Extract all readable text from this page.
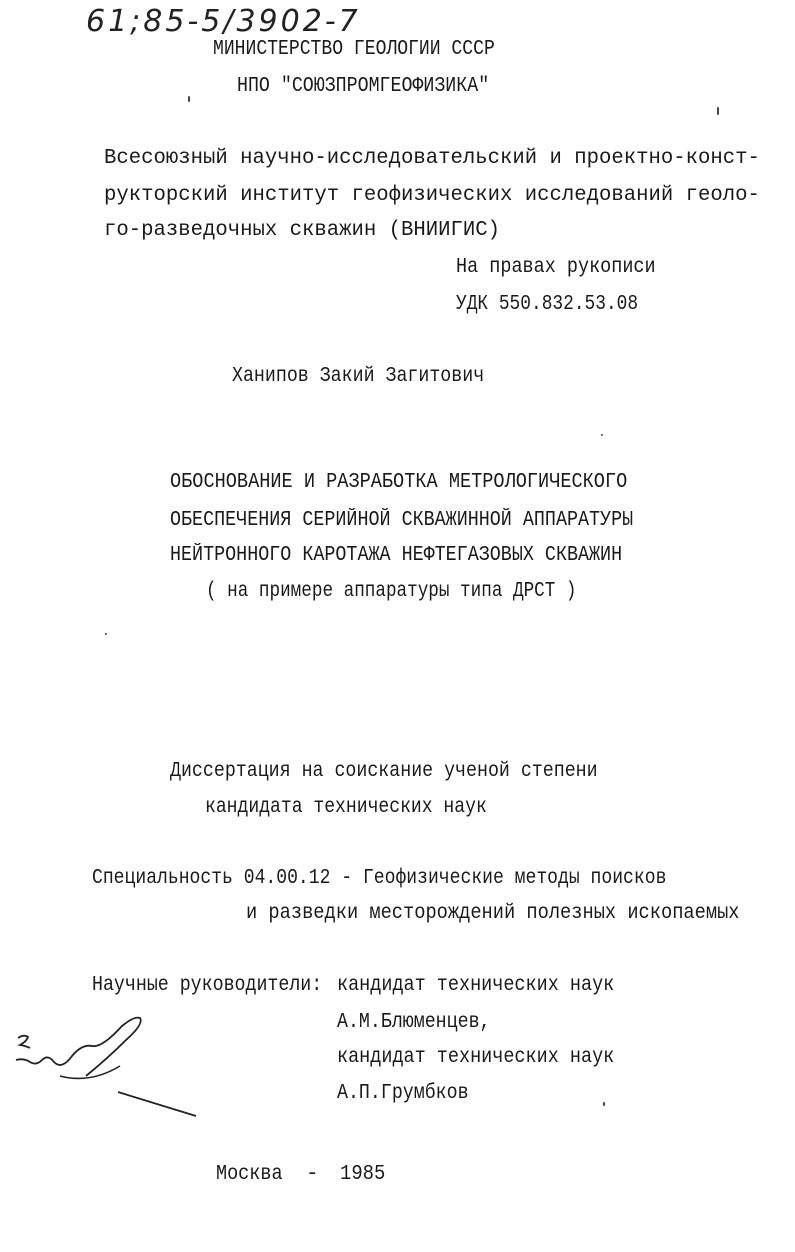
61;85-5/3902-7
МИНИСТЕРСТВО ГЕОЛОГИИ СССР
НПО "СОЮЗПРОМГЕОФИЗИКА"
Всесоюзный научно-исследовательский и проектно-конст-
рукторский институт геофизических исследований геоло-
го-разведочных скважин (ВНИИГИС)
На правах рукописи
УДК 550.832.53.08
Ханипов Закий Загитович
ОБОСНОВАНИЕ И РАЗРАБОТКА МЕТРОЛОГИЧЕСКОГО
ОБЕСПЕЧЕНИЯ СЕРИЙНОЙ СКВАЖИННОЙ АППАРАТУРЫ
НЕЙТРОННОГО КАРОТАЖА НЕФТЕГАЗОВЫХ СКВАЖИН
( на примере аппаратуры типа ДРСТ )
Диссертация на соискание ученой степени
кандидата технических наук
Специальность 04.00.12 - Геофизические методы поисков
и разведки месторождений полезных ископаемых
Научные руководители: кандидат технических наук
А.М.Блюменцев,
кандидат технических наук
А.П.Грумбков
Москва - 1985
